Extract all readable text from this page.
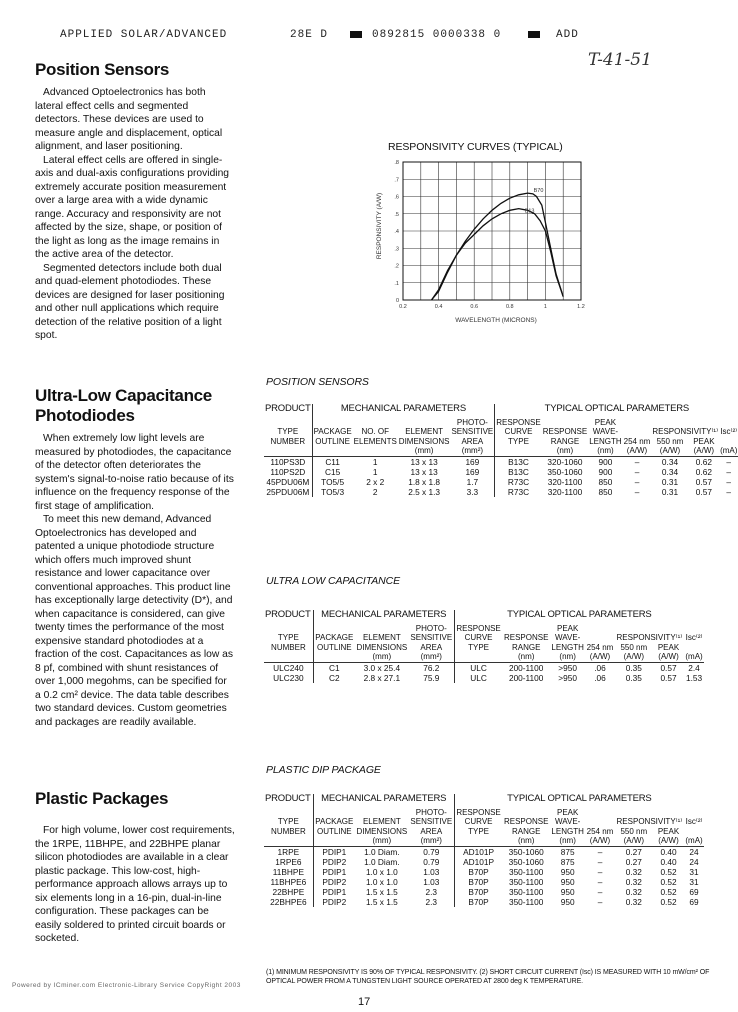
APPLIED SOLAR/ADVANCED	28E D	0892815 0000338 0	ADD
T-41-51
Position Sensors

Advanced Optoelectronics has both lateral effect cells and segmented detectors. These devices are used to measure angle and displacement, optical alignment, and laser positioning.

Lateral effect cells are offered in single-axis and dual-axis configurations providing extremely accurate position measurement over a large area with a wide dynamic range. Accuracy and responsivity are not affected by the size, shape, or position of the light as long as the image remains in the active area of the detector.

Segmented detectors include both dual and quad-element photodiodes. These devices are designed for laser positioning and other null applications which require detection of the relative position of a light spot.

Ultra-Low Capacitance
Photodiodes

When extremely low light levels are measured by photodiodes, the capacitance of the detector often deteriorates the system's signal-to-noise ratio because of its influence on the frequency response of the first stage of amplification.

To meet this new demand, Advanced Optoelectronics has developed and patented a unique photodiode structure which offers much improved shunt resistance and lower capacitance over conventional approaches. This product line has exceptionally large detectivity (D*), and when capacitance is considered, can give twenty times the performance of the most expensive standard photodiodes at a fraction of the cost. Capacitances as low as 8 pf, combined with shunt resistances of over 1,000 megohms, can be specified for a 0.2 cm² device. The data table describes two standard devices. Custom geometries and packages are readily available.

Plastic Packages

For high volume, lower cost requirements, the 1RPE, 11BHPE, and 22BHPE planar silicon photodiodes are available in a clear plastic package. This low-cost, high-performance approach allows arrays up to six elements long in a 16-pin, dual-in-line configuration. These packages can be easily soldered to printed circuit boards or socketed.

RESPONSIVITY CURVES (TYPICAL)
0
.1
.2
.3
.4
.5
.6
.7
.8
0.2	0.4	0.6	0.8	1	1.2
B70
B13
RESPONSIVITY (A/W)
WAVELENGTH (MICRONS)
POSITION SENSORS
PRODUCT	MECHANICAL PARAMETERS				TYPICAL OPTICAL PARAMETERS						
				PHOTO-	RESPONSE		PEAK				
TYPE	PACKAGE	NO. OF	ELEMENT	SENSITIVE	CURVE	RESPONSE	WAVE-		RESPONSIVITY⁽¹⁾		Isc⁽²⁾
NUMBER	OUTLINE	ELEMENTS	DIMENSIONS	AREA	TYPE	RANGE	LENGTH	254 nm	550 nm	PEAK	
			(mm)	(mm²)		(nm)	(nm)	(A/W)	(A/W)	(A/W)	(mA)
110PS3D	C11	1	13 x 13	169	B13C	320-1060	900	–	0.34	0.62	–
110PS2D	C15	1	13 x 13	169	B13C	350-1060	900	–	0.34	0.62	–
45PDU06M	TO5/5	2 x 2	1.8 x 1.8	1.7	R73C	320-1100	850	–	0.31	0.57	–
25PDU06M	TO5/3	2	2.5 x 1.3	3.3	R73C	320-1100	850	–	0.31	0.57	–
ULTRA LOW CAPACITANCE
PRODUCT	MECHANICAL PARAMETERS			TYPICAL OPTICAL PARAMETERS						
			PHOTO-	RESPONSE		PEAK				
TYPE	PACKAGE	ELEMENT	SENSITIVE	CURVE	RESPONSE	WAVE-		RESPONSIVITY⁽¹⁾		Isc⁽²⁾
NUMBER	OUTLINE	DIMENSIONS	AREA	TYPE	RANGE	LENGTH	254 nm	550 nm	PEAK	
		(mm)	(mm²)		(nm)	(nm)	(A/W)	(A/W)	(A/W)	(mA)
ULC240	C1	3.0 x 25.4	76.2	ULC	200-1100	>950	.06	0.35	0.57	2.4
ULC230	C2	2.8 x 27.1	75.9	ULC	200-1100	>950	.06	0.35	0.57	1.53
PLASTIC DIP PACKAGE
PRODUCT	MECHANICAL PARAMETERS			TYPICAL OPTICAL PARAMETERS						
			PHOTO-	RESPONSE		PEAK				
TYPE	PACKAGE	ELEMENT	SENSITIVE	CURVE	RESPONSE	WAVE-		RESPONSIVITY⁽¹⁾		Isc⁽²⁾
NUMBER	OUTLINE	DIMENSIONS	AREA	TYPE	RANGE	LENGTH	254 nm	550 nm	PEAK	
		(mm)	(mm²)		(nm)	(nm)	(A/W)	(A/W)	(A/W)	(mA)
1RPE	PDIP1	1.0 Diam.	0.79	AD101P	350-1060	875	–	0.27	0.40	24
1RPE6	PDIP2	1.0 Diam.	0.79	AD101P	350-1060	875	–	0.27	0.40	24
11BHPE	PDIP1	1.0 x 1.0	1.03	B70P	350-1100	950	–	0.32	0.52	31
11BHPE6	PDIP2	1.0 x 1.0	1.03	B70P	350-1100	950	–	0.32	0.52	31
22BHPE	PDIP1	1.5 x 1.5	2.3	B70P	350-1100	950	–	0.32	0.52	69
22BHPE6	PDIP2	1.5 x 1.5	2.3	B70P	350-1100	950	–	0.32	0.52	69
(1) MINIMUM RESPONSIVITY IS 90% OF TYPICAL RESPONSIVITY. (2) SHORT CIRCUIT CURRENT (Isc) IS MEASURED WITH 10 mW/cm² OF OPTICAL POWER FROM A TUNGSTEN LIGHT SOURCE OPERATED AT 2800 deg K TEMPERATURE.
Powered by ICminer.com Electronic-Library Service CopyRight 2003
17
